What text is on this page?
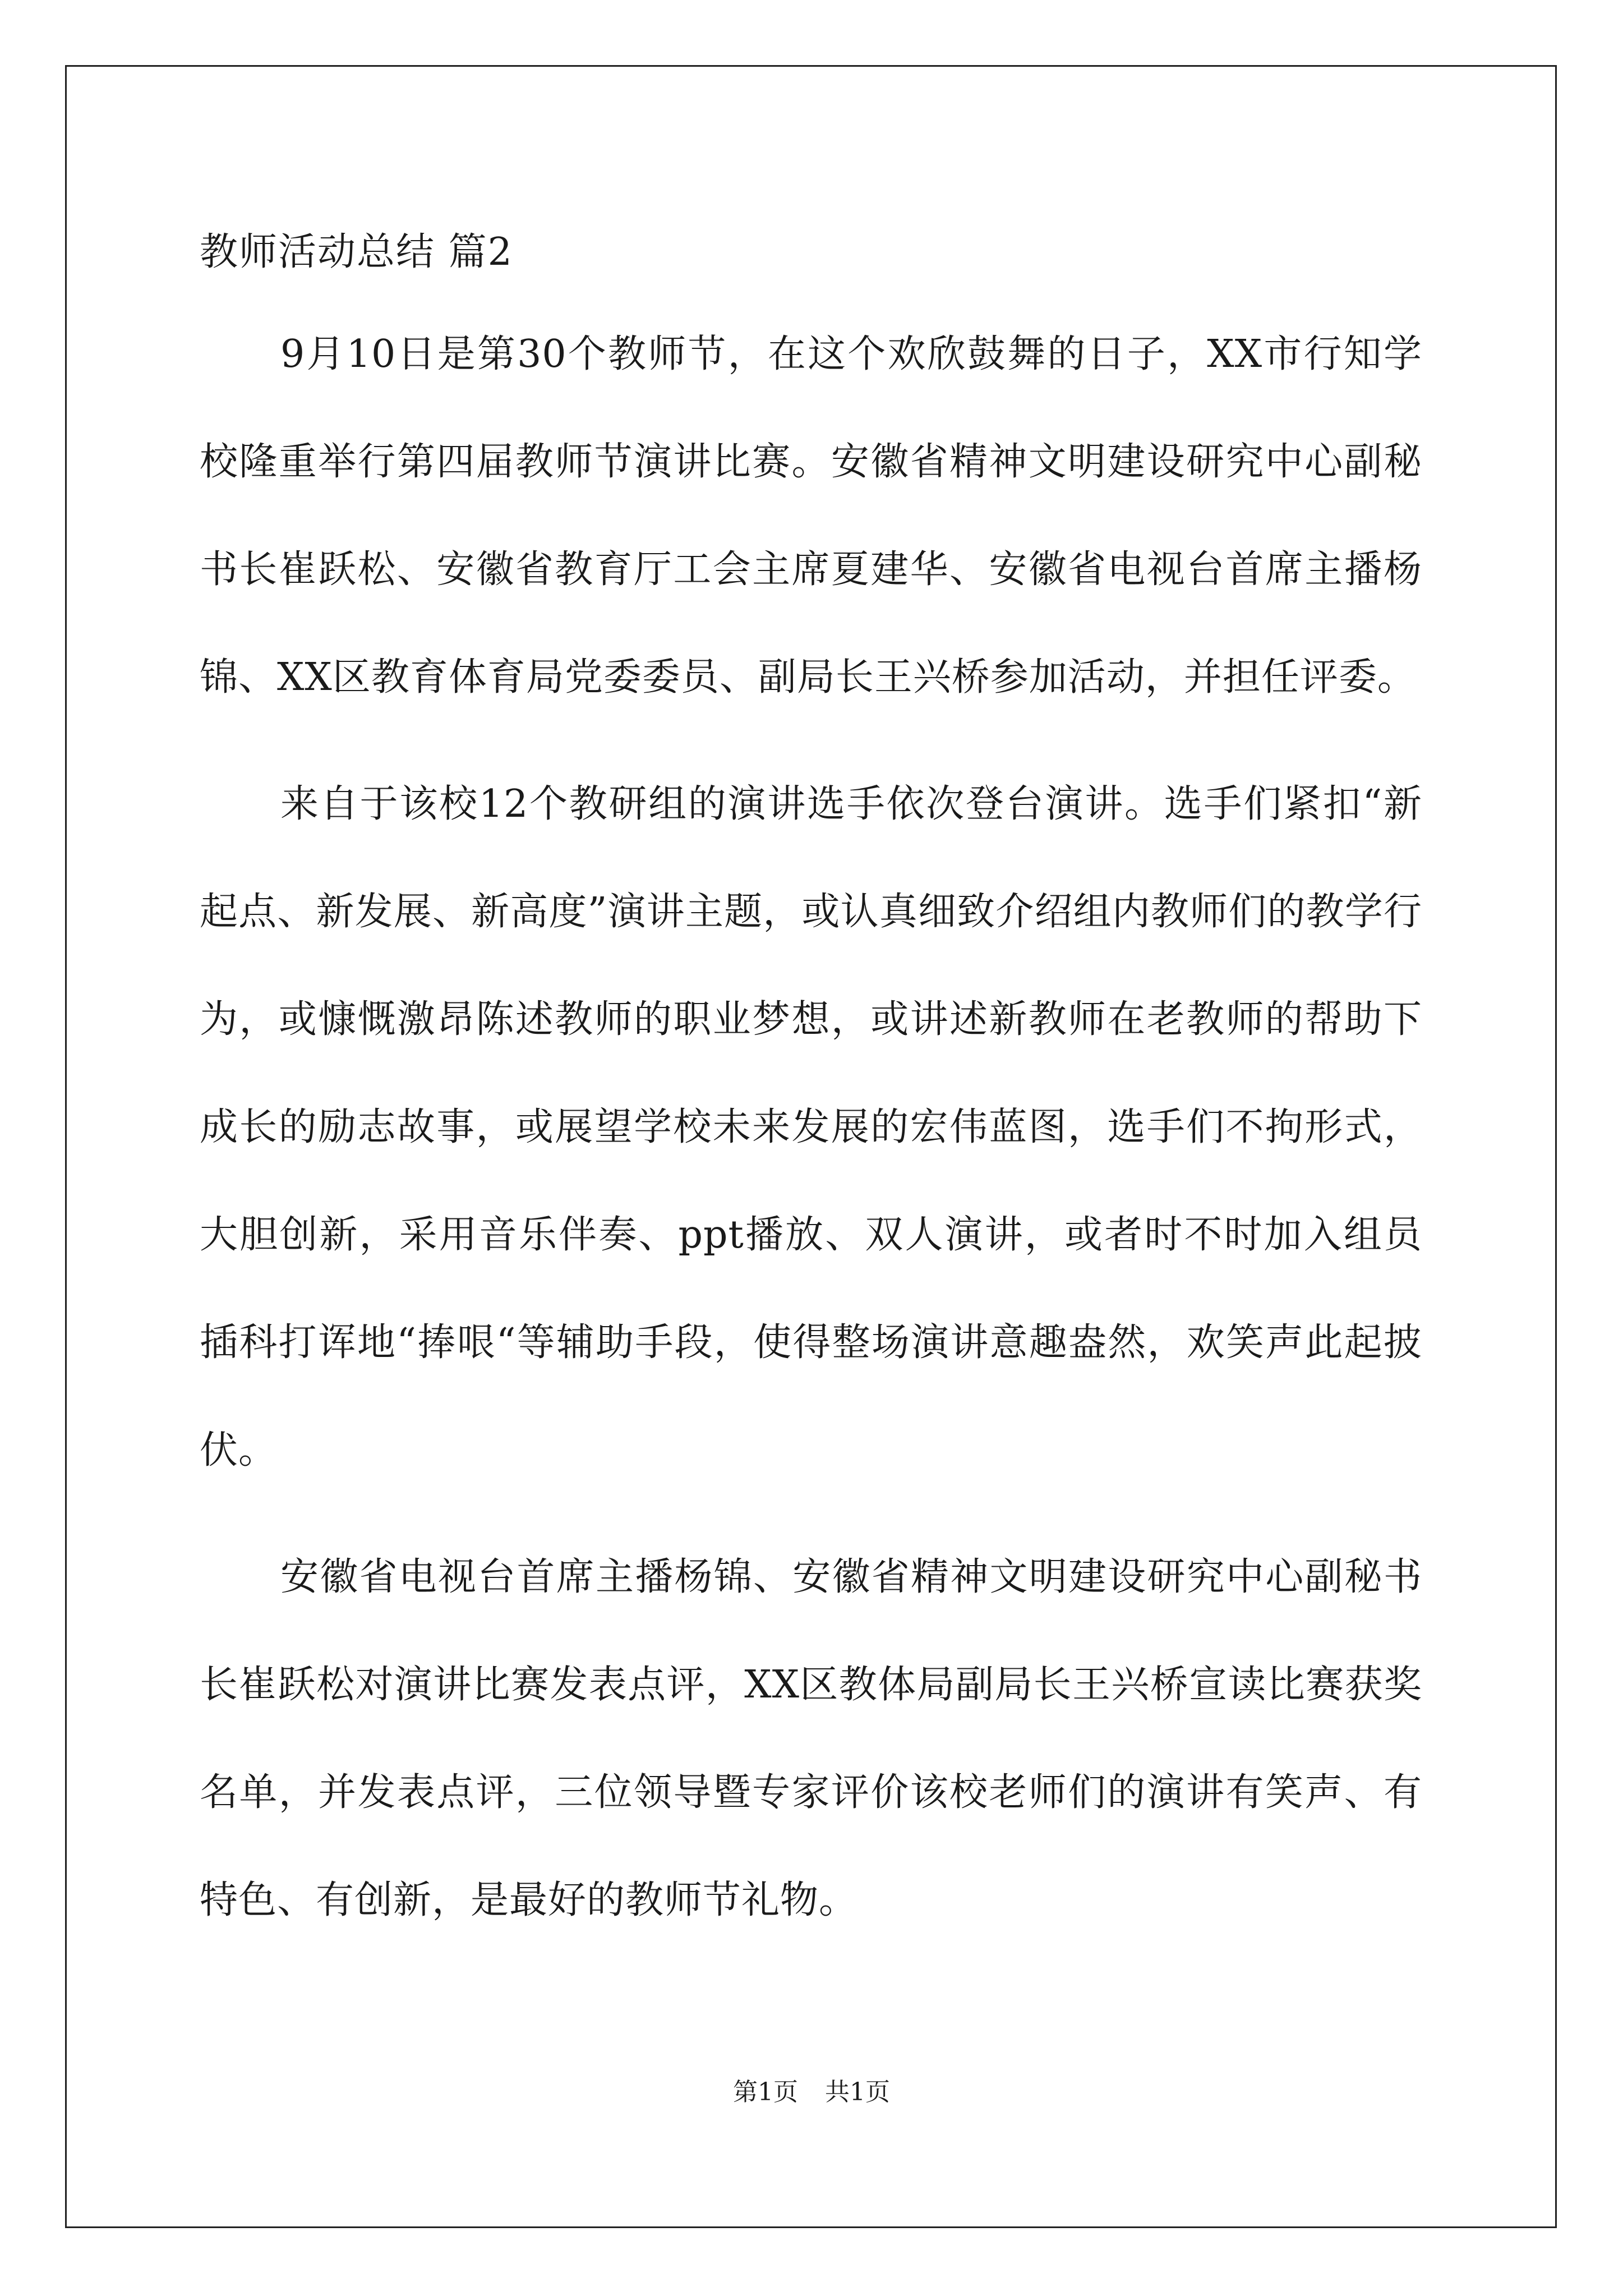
教师活动总结 篇2

9月10日是第30个教师节，在这个欢欣鼓舞的日子，XX市行知学校隆重举行第四届教师节演讲比赛。安徽省精神文明建设研究中心副秘书长崔跃松、安徽省教育厅工会主席夏建华、安徽省电视台首席主播杨锦、XX区教育体育局党委委员、副局长王兴桥参加活动，并担任评委。

来自于该校12个教研组的演讲选手依次登台演讲。选手们紧扣“新起点、新发展、新高度”演讲主题，或认真细致介绍组内教师们的教学行为，或慷慨激昂陈述教师的职业梦想，或讲述新教师在老教师的帮助下成长的励志故事，或展望学校未来发展的宏伟蓝图，选手们不拘形式，大胆创新，采用音乐伴奏、ppt播放、双人演讲，或者时不时加入组员插科打诨地“捧哏“等辅助手段，使得整场演讲意趣盎然，欢笑声此起披伏。

安徽省电视台首席主播杨锦、安徽省精神文明建设研究中心副秘书长崔跃松对演讲比赛发表点评，XX区教体局副局长王兴桥宣读比赛获奖名单，并发表点评，三位领导暨专家评价该校老师们的演讲有笑声、有特色、有创新，是最好的教师节礼物。

第1页 共1页
